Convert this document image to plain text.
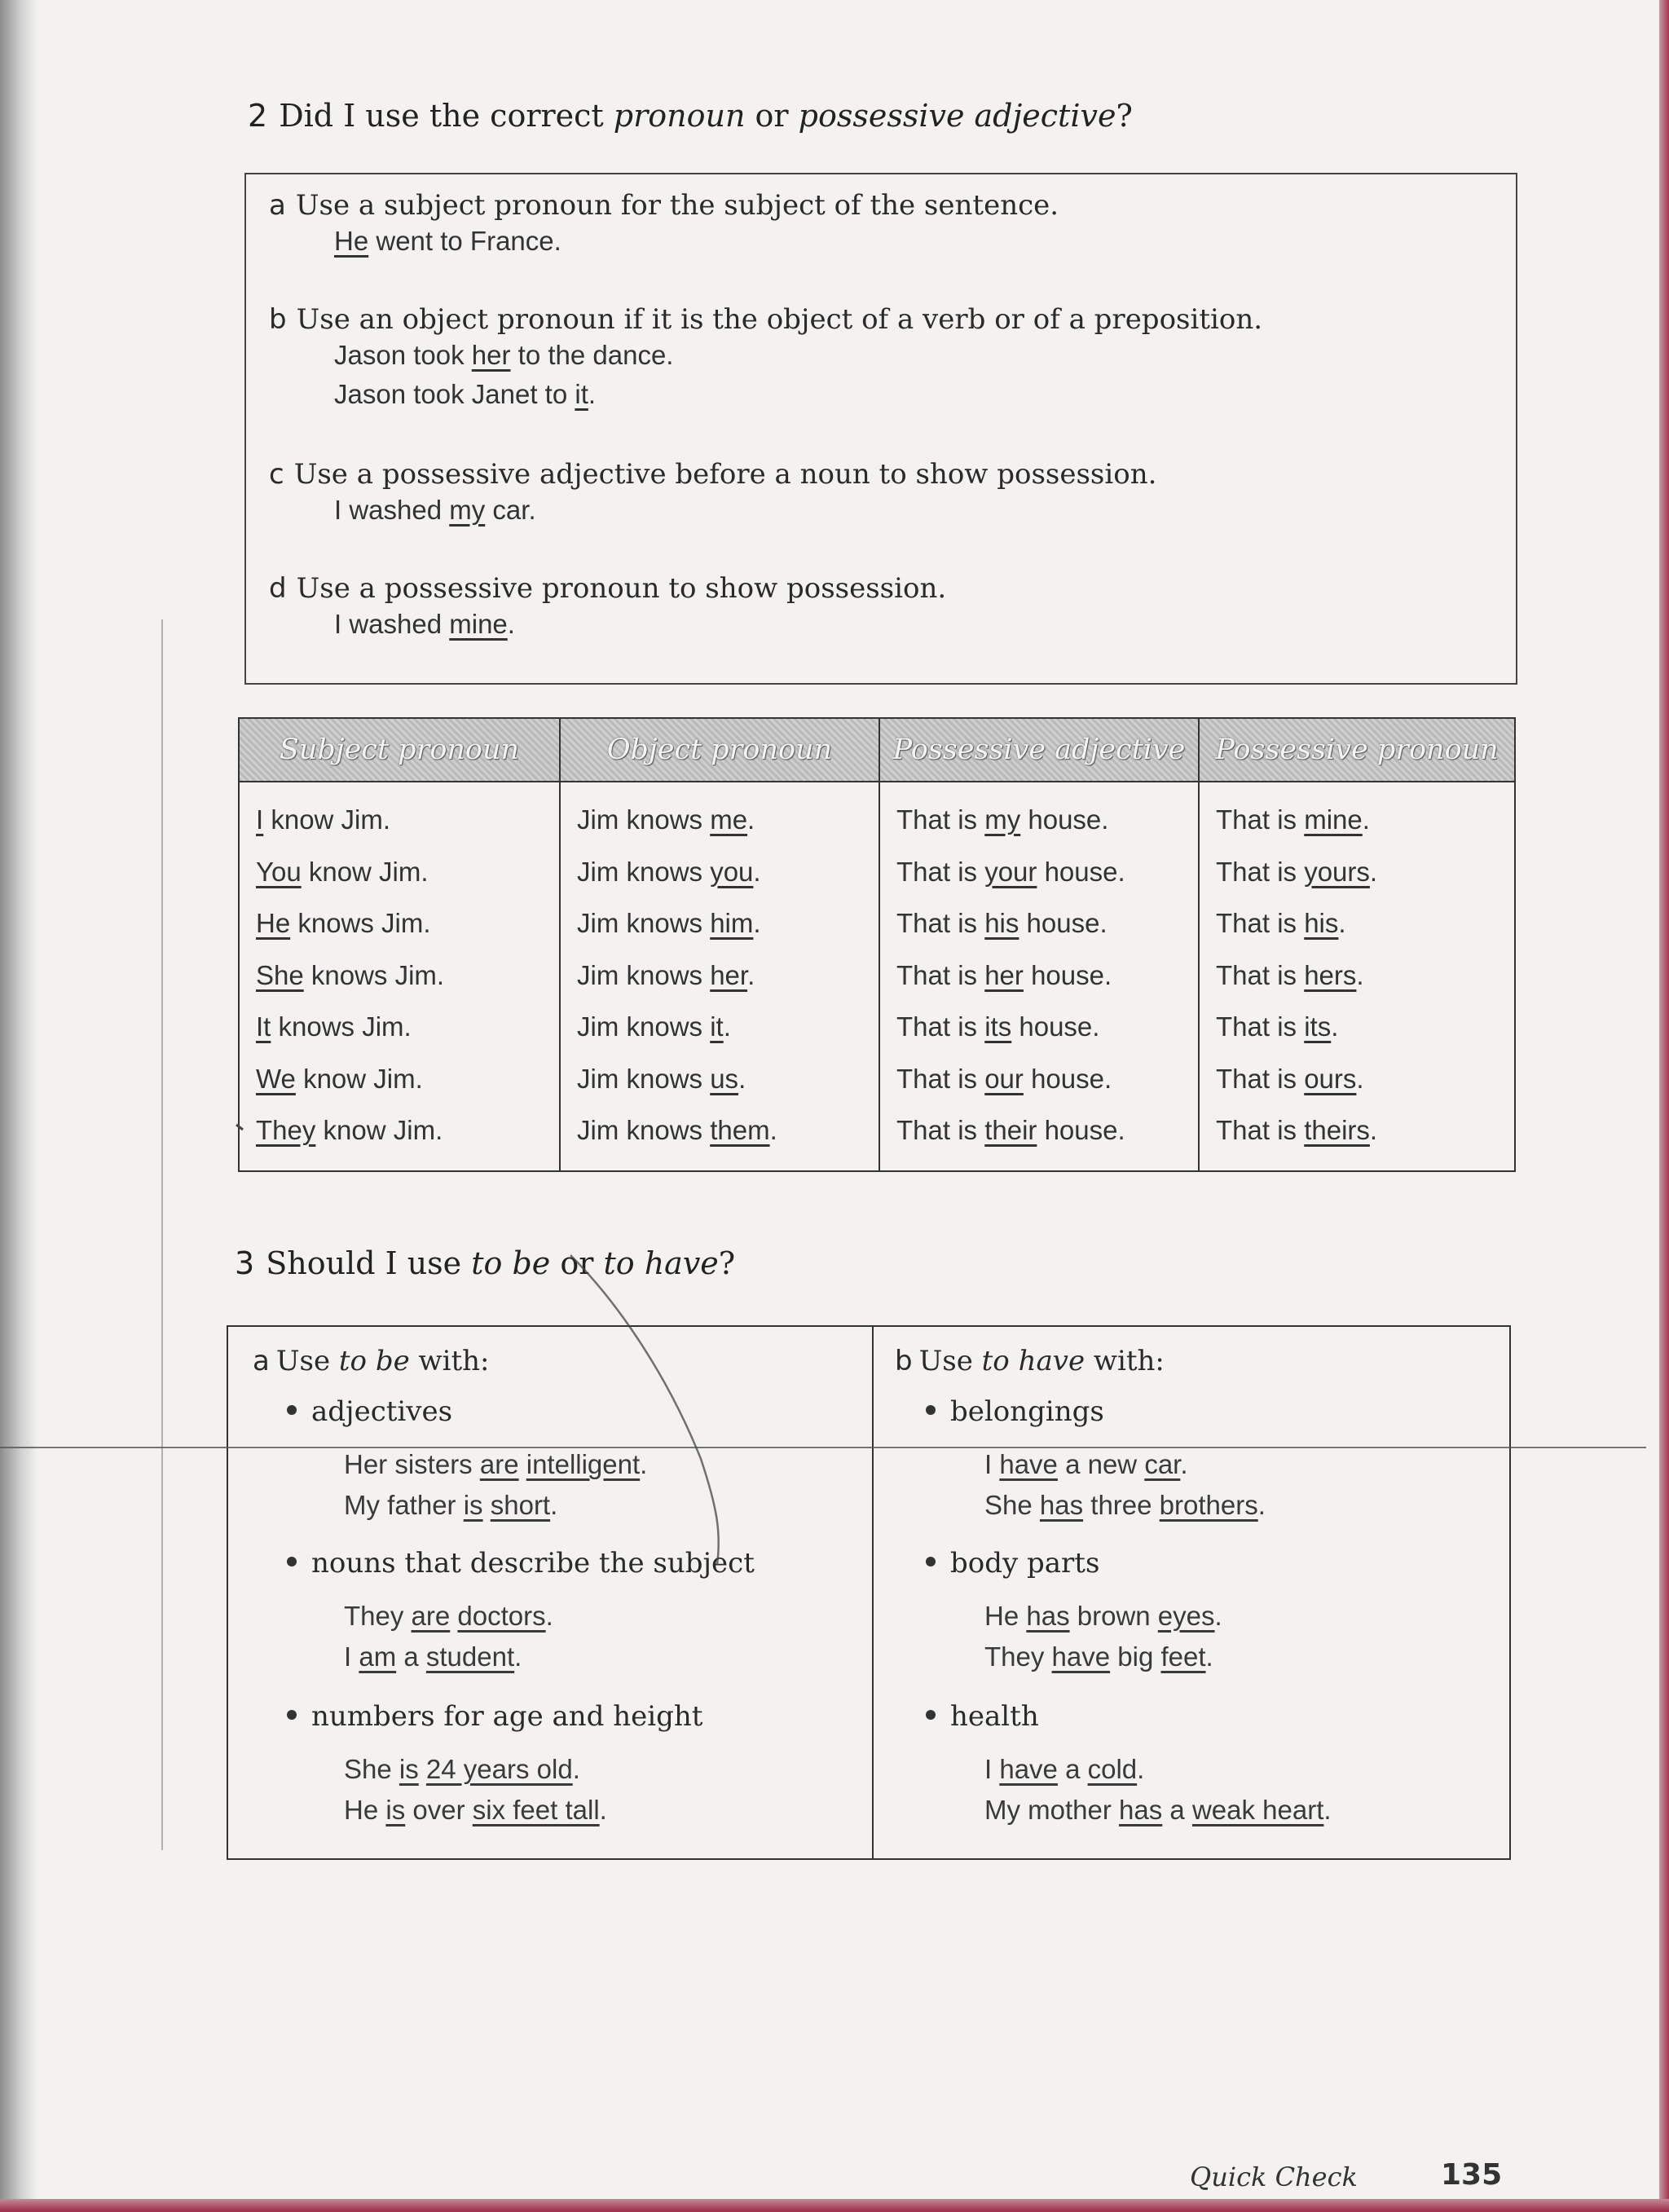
2 Did I use the correct pronoun or possessive adjective?
a Use a subject pronoun for the subject of the sentence.
He went to France.
b Use an object pronoun if it is the object of a verb or of a preposition.
Jason took her to the dance.
Jason took Janet to it.
c Use a possessive adjective before a noun to show possession.
I washed my car.
d Use a possessive pronoun to show possession.
I washed mine.
Subject pronoun
I know Jim.
You know Jim.
He knows Jim.
She knows Jim.
It knows Jim.
We know Jim.
They know Jim.
Object pronoun
Jim knows me.
Jim knows you.
Jim knows him.
Jim knows her.
Jim knows it.
Jim knows us.
Jim knows them.
Possessive adjective
That is my house.
That is your house.
That is his house.
That is her house.
That is its house.
That is our house.
That is their house.
Possessive pronoun
That is mine.
That is yours.
That is his.
That is hers.
That is its.
That is ours.
That is theirs.
3 Should I use to be or to have?
a Use to be with:
adjectives
Her sisters are intelligent.
My father is short.
nouns that describe the subject
They are doctors.
I am a student.
numbers for age and height
She is 24 years old.
He is over six feet tall.
b Use to have with:
belongings
I have a new car.
She has three brothers.
body parts
He has brown eyes.
They have big feet.
health
I have a cold.
My mother has a weak heart.
Quick Check	135
